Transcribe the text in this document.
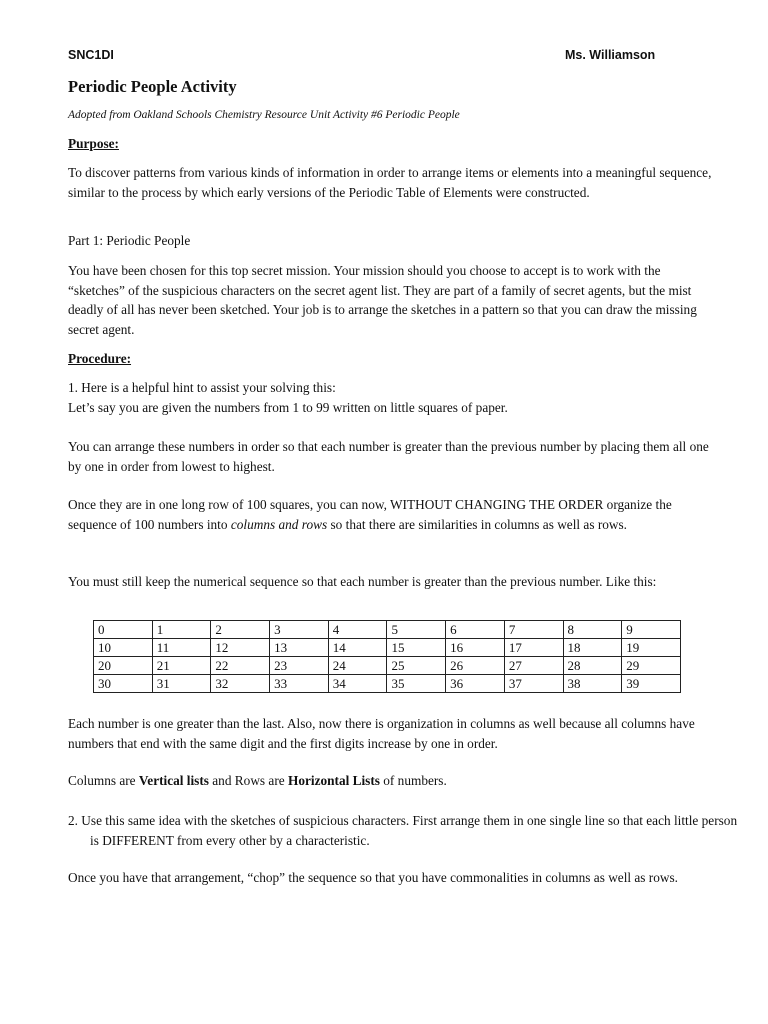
SNC1DI	Ms. Williamson

Periodic People Activity

Adopted from Oakland Schools Chemistry Resource Unit Activity #6 Periodic People

Purpose:

To discover patterns from various kinds of information in order to arrange items or elements into a meaningful sequence, similar to the process by which early versions of the Periodic Table of Elements were constructed.

Part 1: Periodic People

You have been chosen for this top secret mission. Your mission should you choose to accept is to work with the “sketches” of the suspicious characters on the secret agent list. They are part of a family of secret agents, but the mist deadly of all has never been sketched. Your job is to arrange the sketches in a pattern so that you can draw the missing secret agent.

Procedure:

1. Here is a helpful hint to assist your solving this:
Let’s say you are given the numbers from 1 to 99 written on little squares of paper.

You can arrange these numbers in order so that each number is greater than the previous number by placing them all one by one in order from lowest to highest.

Once they are in one long row of 100 squares, you can now, WITHOUT CHANGING THE ORDER organize the sequence of 100 numbers into columns and rows so that there are similarities in columns as well as rows.

You must still keep the numerical sequence so that each number is greater than the previous number. Like this:

0	1	2	3	4	5	6	7	8	9
10	11	12	13	14	15	16	17	18	19
20	21	22	23	24	25	26	27	28	29
30	31	32	33	34	35	36	37	38	39

Each number is one greater than the last. Also, now there is organization in columns as well because all columns have numbers that end with the same digit and the first digits increase by one in order.

Columns are Vertical lists and Rows are Horizontal Lists of numbers.

2. Use this same idea with the sketches of suspicious characters. First arrange them in one single line so that each little person is DIFFERENT from every other by a characteristic.

Once you have that arrangement, “chop” the sequence so that you have commonalities in columns as well as rows.
